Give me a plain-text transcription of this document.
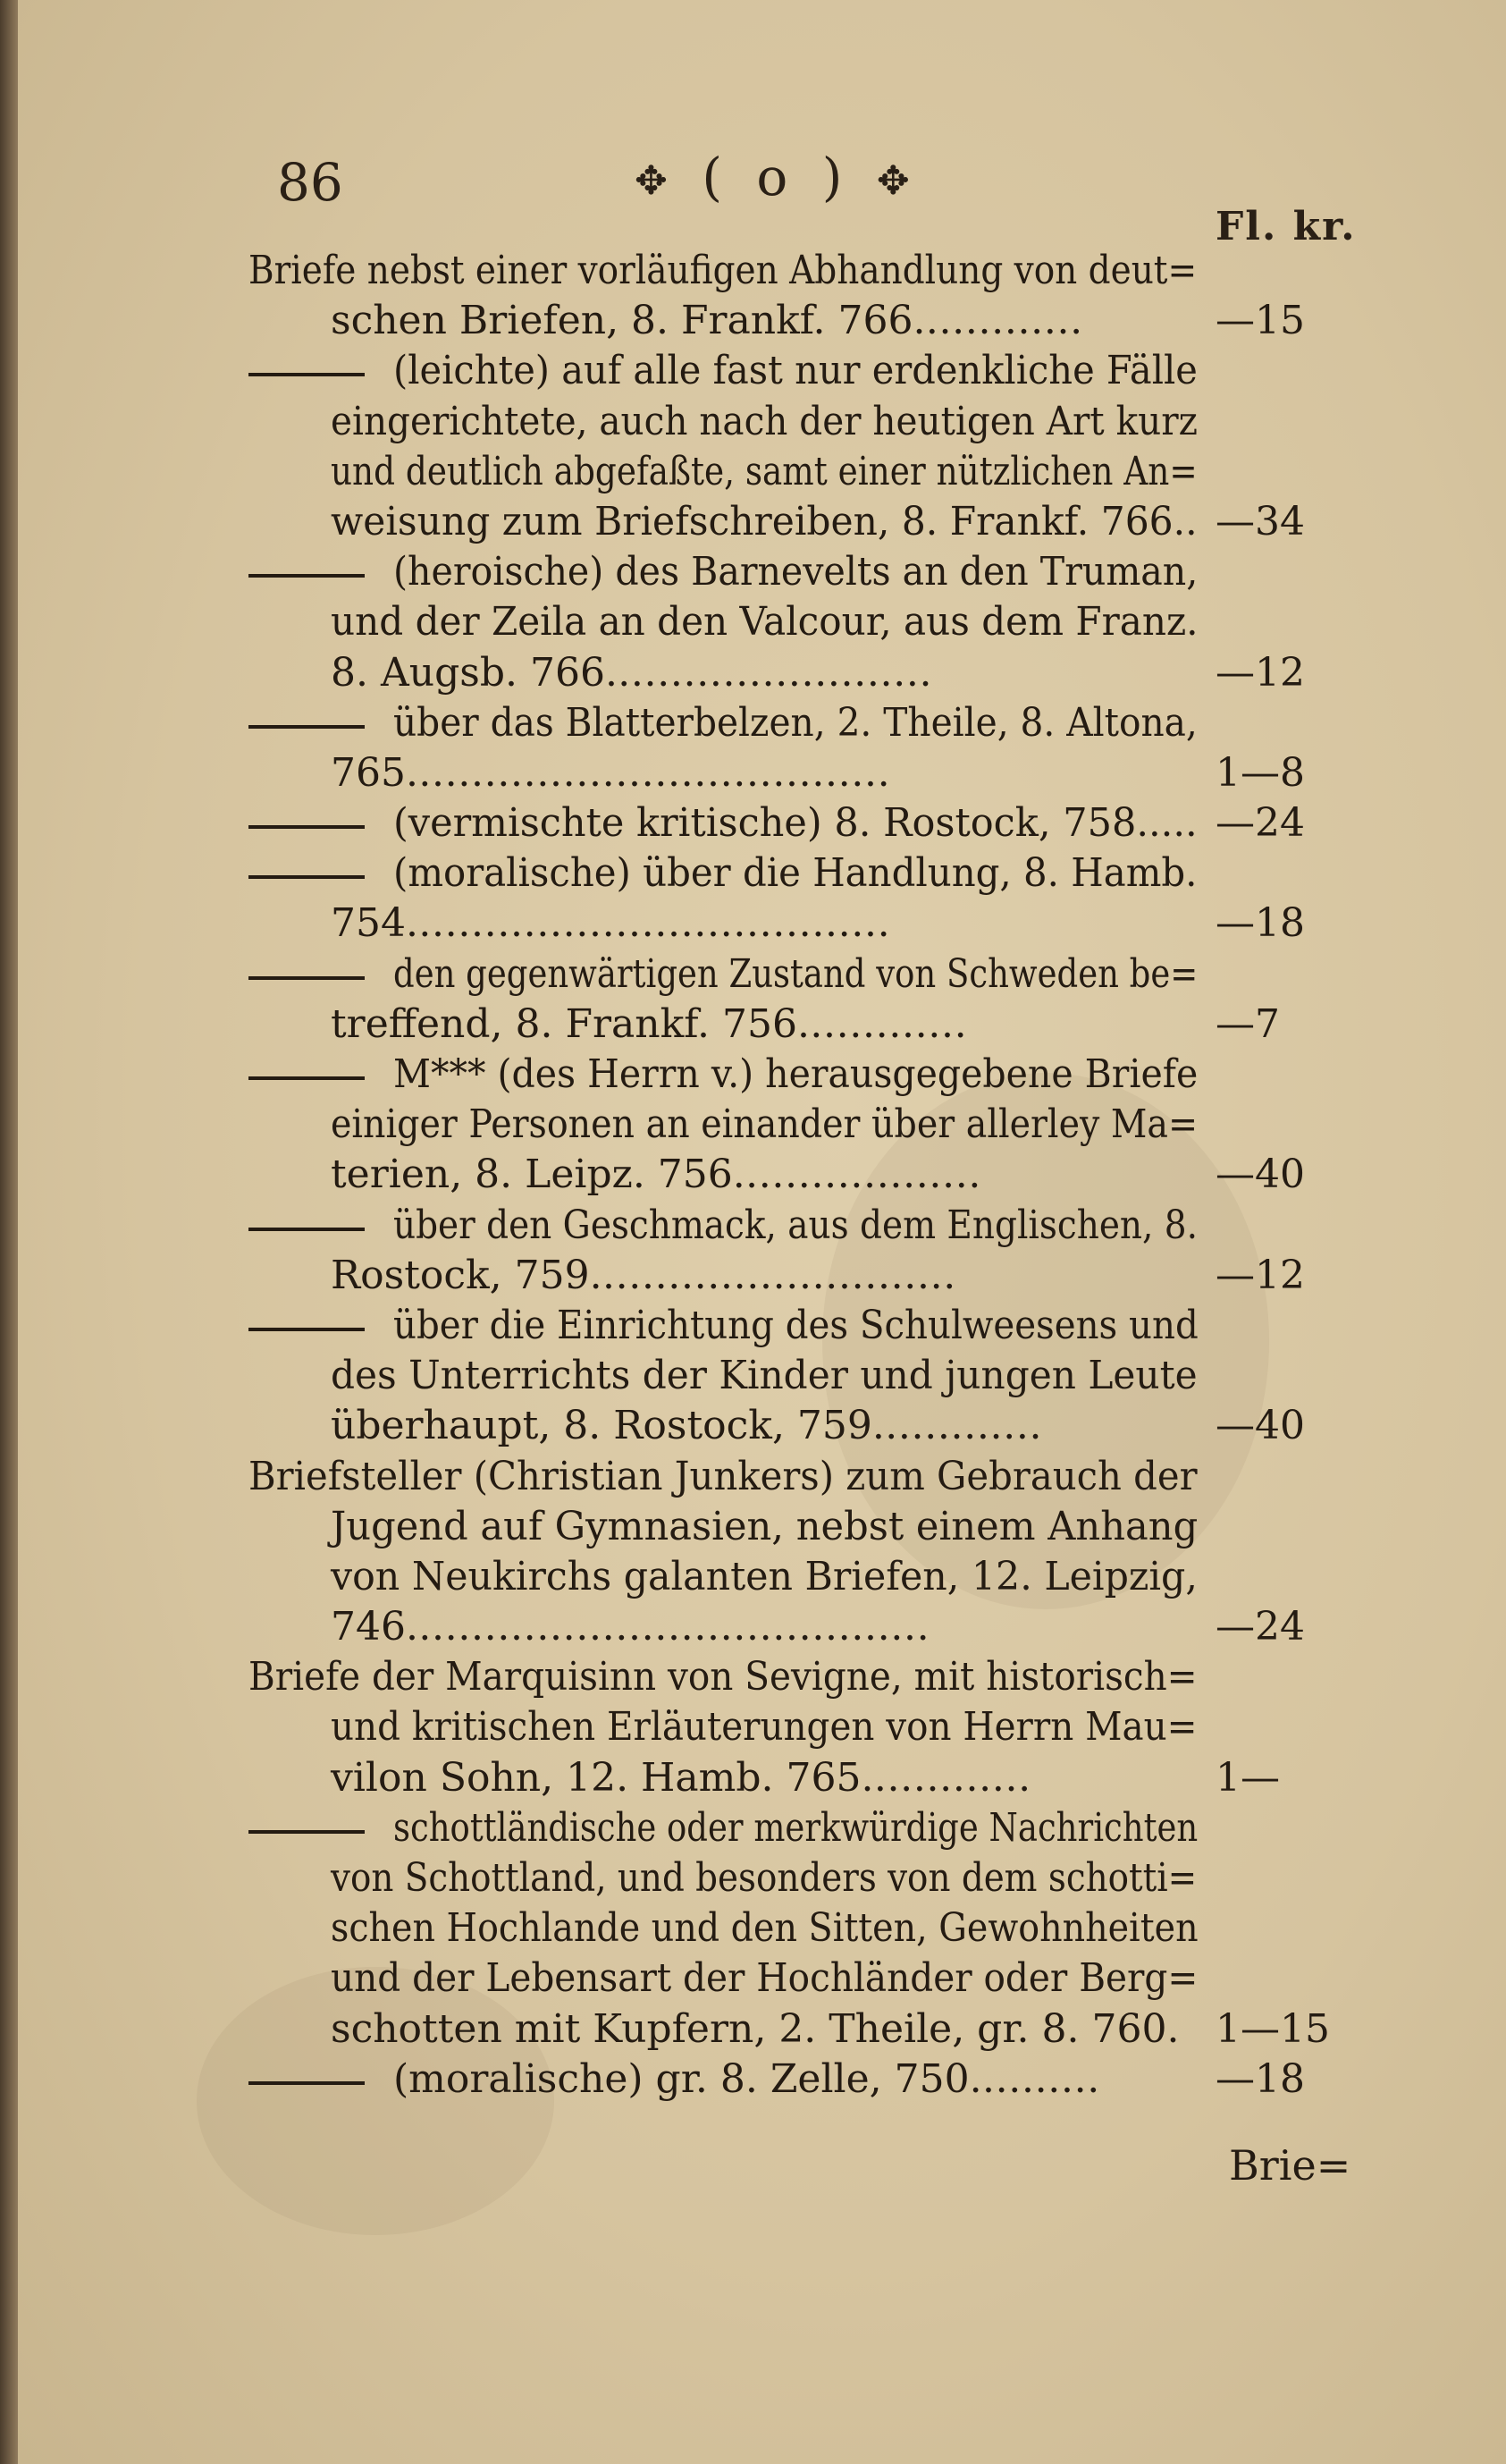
86	✥ ( o ) ✥
Fl. kr.
Briefe nebst einer vorläufigen Abhandlung von deut=
schen Briefen, 8. Frankf. 766.…………	—15
(leichte) auf alle fast nur erdenkliche Fälle
eingerichtete, auch nach der heutigen Art kurz
und deutlich abgefaßte, samt einer nützlichen An=
weisung zum Briefschreiben, 8. Frankf. 766.. —34
(heroische) des Barnevelts an den Truman,
und der Zeila an den Valcour, aus dem Franz.
8. Augsb. 766.……………………	—12
über das Blatterbelzen, 2. Theile, 8. Altona,
765.………………………………	1—8
(vermischte kritische) 8. Rostock, 758..... —24
(moralische) über die Handlung, 8. Hamb.
754.………………………………	—18
den gegenwärtigen Zustand von Schweden be=
treffend, 8. Frankf. 756.…………	—7
M*** (des Herrn v.) herausgegebene Briefe
einiger Personen an einander über allerley Ma=
terien, 8. Leipz. 756.………………	—40
über den Geschmack, aus dem Englischen, 8.
Rostock, 759.………………………	—12
über die Einrichtung des Schulweesens und
des Unterrichts der Kinder und jungen Leute
überhaupt, 8. Rostock, 759.…………	—40
Briefsteller (Christian Junkers) zum Gebrauch der
Jugend auf Gymnasien, nebst einem Anhang
von Neukirchs galanten Briefen, 12. Leipzig,
746.…………………………………	—24
Briefe der Marquisinn von Sevigne, mit historisch=
und kritischen Erläuterungen von Herrn Mau=
vilon Sohn, 12. Hamb. 765.…………	1—
schottländische oder merkwürdige Nachrichten
von Schottland, und besonders von dem schotti=
schen Hochlande und den Sitten, Gewohnheiten
und der Lebensart der Hochländer oder Berg=
schotten mit Kupfern, 2. Theile, gr. 8. 760. 1—15
(moralische) gr. 8. Zelle, 750.………	—18
Brie=
